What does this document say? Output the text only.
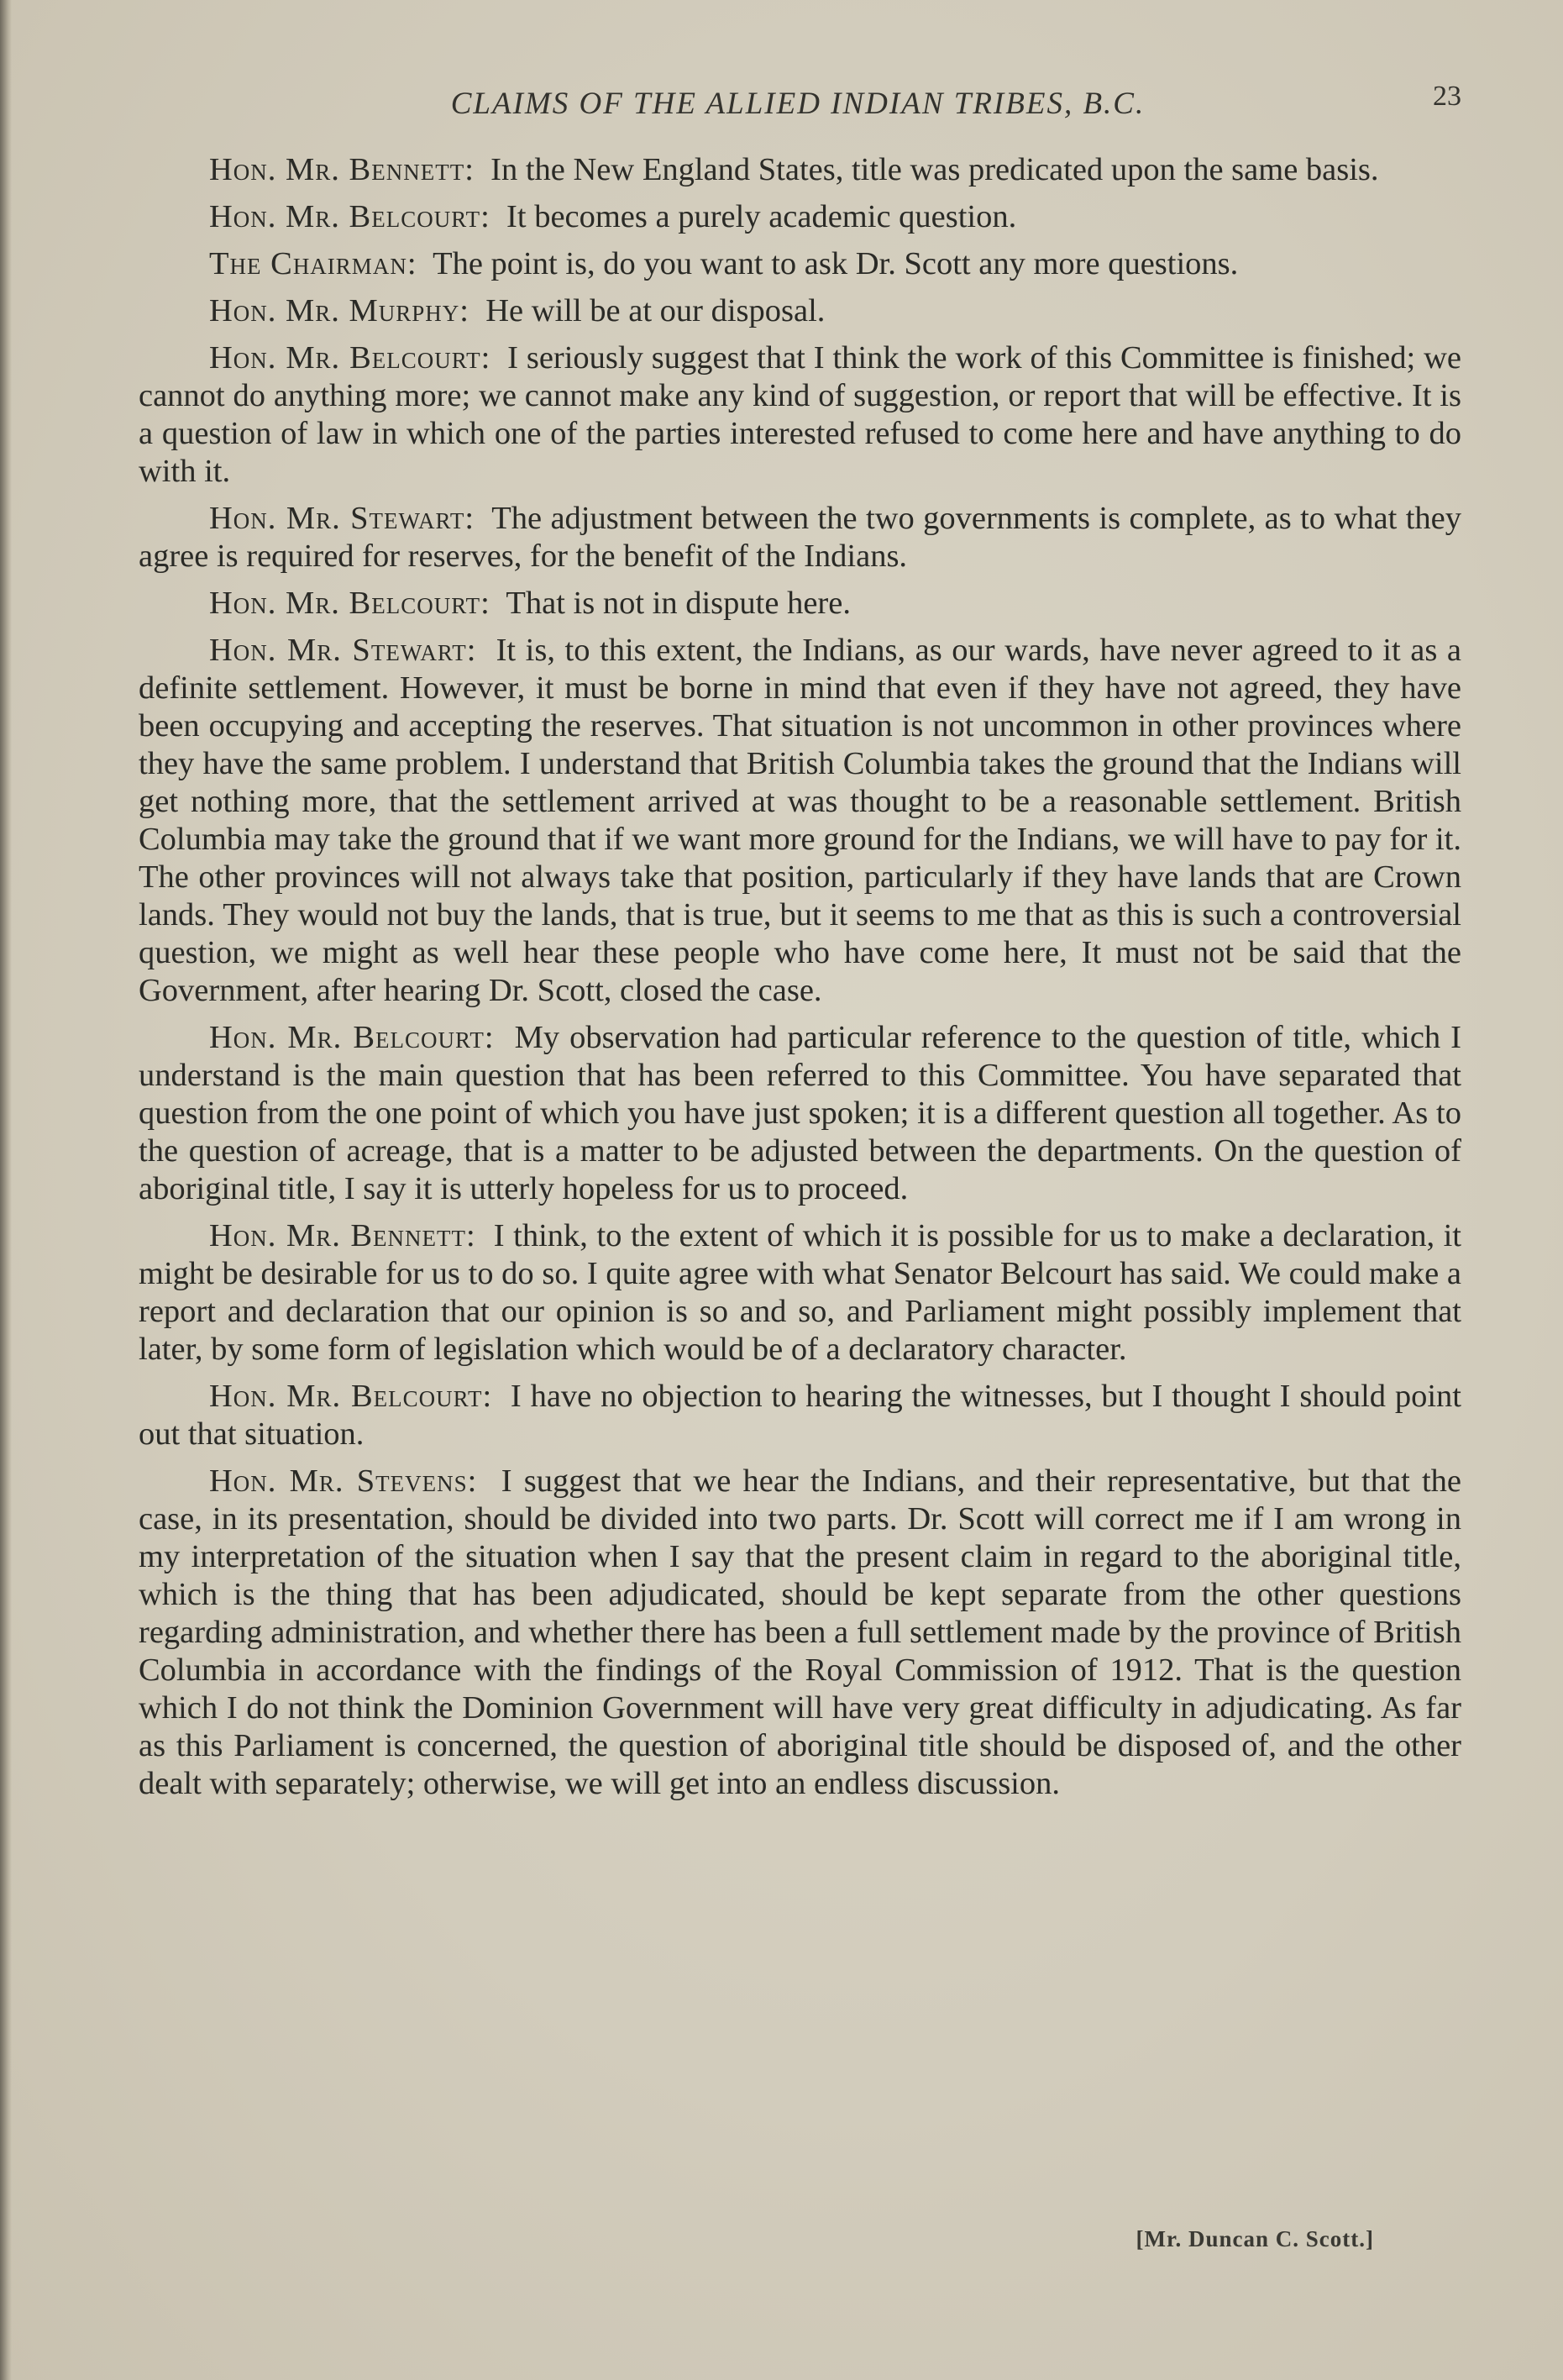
CLAIMS OF THE ALLIED INDIAN TRIBES, B.C.	23

Hon. Mr. Bennett: In the New England States, title was predicated upon the same basis.

Hon. Mr. Belcourt: It becomes a purely academic question.

The Chairman: The point is, do you want to ask Dr. Scott any more questions.

Hon. Mr. Murphy: He will be at our disposal.

Hon. Mr. Belcourt: I seriously suggest that I think the work of this Committee is finished; we cannot do anything more; we cannot make any kind of suggestion, or report that will be effective. It is a question of law in which one of the parties interested refused to come here and have anything to do with it.

Hon. Mr. Stewart: The adjustment between the two governments is complete, as to what they agree is required for reserves, for the benefit of the Indians.

Hon. Mr. Belcourt: That is not in dispute here.

Hon. Mr. Stewart: It is, to this extent, the Indians, as our wards, have never agreed to it as a definite settlement. However, it must be borne in mind that even if they have not agreed, they have been occupying and accepting the reserves. That situation is not uncommon in other provinces where they have the same problem. I understand that British Columbia takes the ground that the Indians will get nothing more, that the settlement arrived at was thought to be a reasonable settlement. British Columbia may take the ground that if we want more ground for the Indians, we will have to pay for it. The other provinces will not always take that position, particularly if they have lands that are Crown lands. They would not buy the lands, that is true, but it seems to me that as this is such a controversial question, we might as well hear these people who have come here, It must not be said that the Government, after hearing Dr. Scott, closed the case.

Hon. Mr. Belcourt: My observation had particular reference to the question of title, which I understand is the main question that has been referred to this Committee. You have separated that question from the one point of which you have just spoken; it is a different question all together. As to the question of acreage, that is a matter to be adjusted between the departments. On the question of aboriginal title, I say it is utterly hopeless for us to proceed.

Hon. Mr. Bennett: I think, to the extent of which it is possible for us to make a declaration, it might be desirable for us to do so. I quite agree with what Senator Belcourt has said. We could make a report and declaration that our opinion is so and so, and Parliament might possibly implement that later, by some form of legislation which would be of a declaratory character.

Hon. Mr. Belcourt: I have no objection to hearing the witnesses, but I thought I should point out that situation.

Hon. Mr. Stevens: I suggest that we hear the Indians, and their representative, but that the case, in its presentation, should be divided into two parts. Dr. Scott will correct me if I am wrong in my interpretation of the situation when I say that the present claim in regard to the aboriginal title, which is the thing that has been adjudicated, should be kept separate from the other questions regarding administration, and whether there has been a full settlement made by the province of British Columbia in accordance with the findings of the Royal Commission of 1912. That is the question which I do not think the Dominion Government will have very great difficulty in adjudicating. As far as this Parliament is concerned, the question of aboriginal title should be disposed of, and the other dealt with separately; otherwise, we will get into an endless discussion.

[Mr. Duncan C. Scott.]
